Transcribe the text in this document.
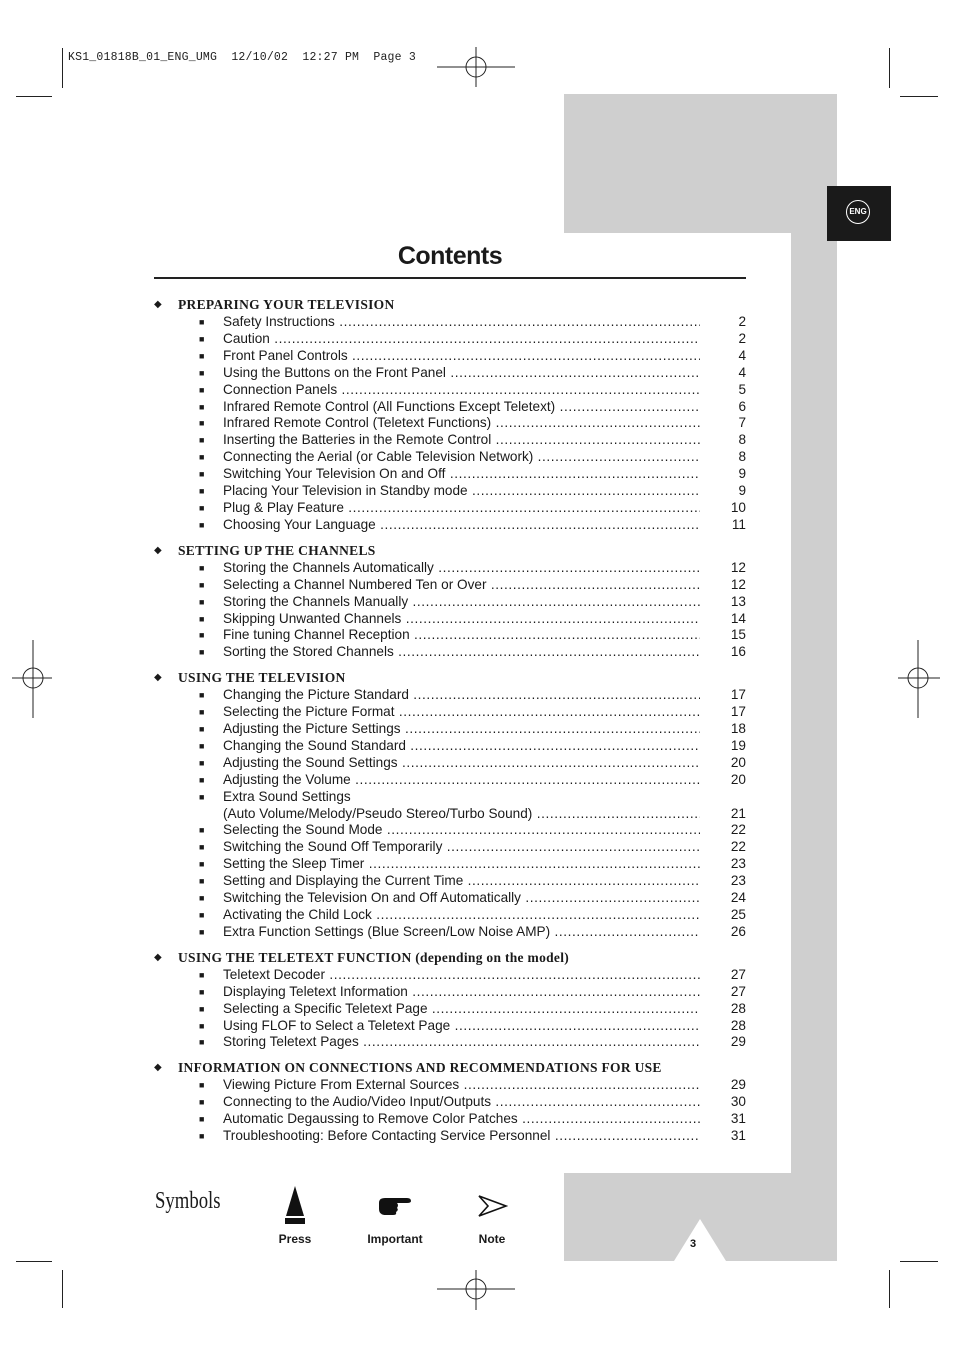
KS1_01818B_01_ENG_UMG  12/10/02  12:27 PM  Page 3
ENG
Contents
◆ PREPARING YOUR TELEVISION
■ Safety Instructions .....	2
■ Caution .....	2
■ Front Panel Controls .....	4
■ Using the Buttons on the Front Panel .....	4
■ Connection Panels .....	5
■ Infrared Remote Control (All Functions Except Teletext) .....	6
■ Infrared Remote Control (Teletext Functions) .....	7
■ Inserting the Batteries in the Remote Control .....	8
■ Connecting the Aerial (or Cable Television Network) .....	8
■ Switching Your Television On and Off .....	9
■ Placing Your Television in Standby mode .....	9
■ Plug & Play Feature .....	10
■ Choosing Your Language .....	11
◆ SETTING UP THE CHANNELS
■ Storing the Channels Automatically .....	12
■ Selecting a Channel Numbered Ten or Over .....	12
■ Storing the Channels Manually .....	13
■ Skipping Unwanted Channels .....	14
■ Fine tuning Channel Reception .....	15
■ Sorting the Stored Channels .....	16
◆ USING THE TELEVISION
■ Changing the Picture Standard .....	17
■ Selecting the Picture Format .....	17
■ Adjusting the Picture Settings .....	18
■ Changing the Sound Standard .....	19
■ Adjusting the Sound Settings .....	20
■ Adjusting the Volume .....	20
■ Extra Sound Settings
(Auto Volume/Melody/Pseudo Stereo/Turbo Sound) .....	21
■ Selecting the Sound Mode .....	22
■ Switching the Sound Off Temporarily .....	22
■ Setting the Sleep Timer .....	23
■ Setting and Displaying the Current Time .....	23
■ Switching the Television On and Off Automatically .....	24
■ Activating the Child Lock .....	25
■ Extra Function Settings (Blue Screen/Low Noise AMP) .....	26
◆ USING THE TELETEXT FUNCTION (depending on the model)
■ Teletext Decoder .....	27
■ Displaying Teletext Information .....	27
■ Selecting a Specific Teletext Page .....	28
■ Using FLOF to Select a Teletext Page .....	28
■ Storing Teletext Pages .....	29
◆ INFORMATION ON CONNECTIONS AND RECOMMENDATIONS FOR USE
■ Viewing Picture From External Sources .....	29
■ Connecting to the Audio/Video Input/Outputs .....	30
■ Automatic Degaussing to Remove Color Patches .....	31
■ Troubleshooting: Before Contacting Service Personnel .....	31
Symbols
Press	Important	Note	3
